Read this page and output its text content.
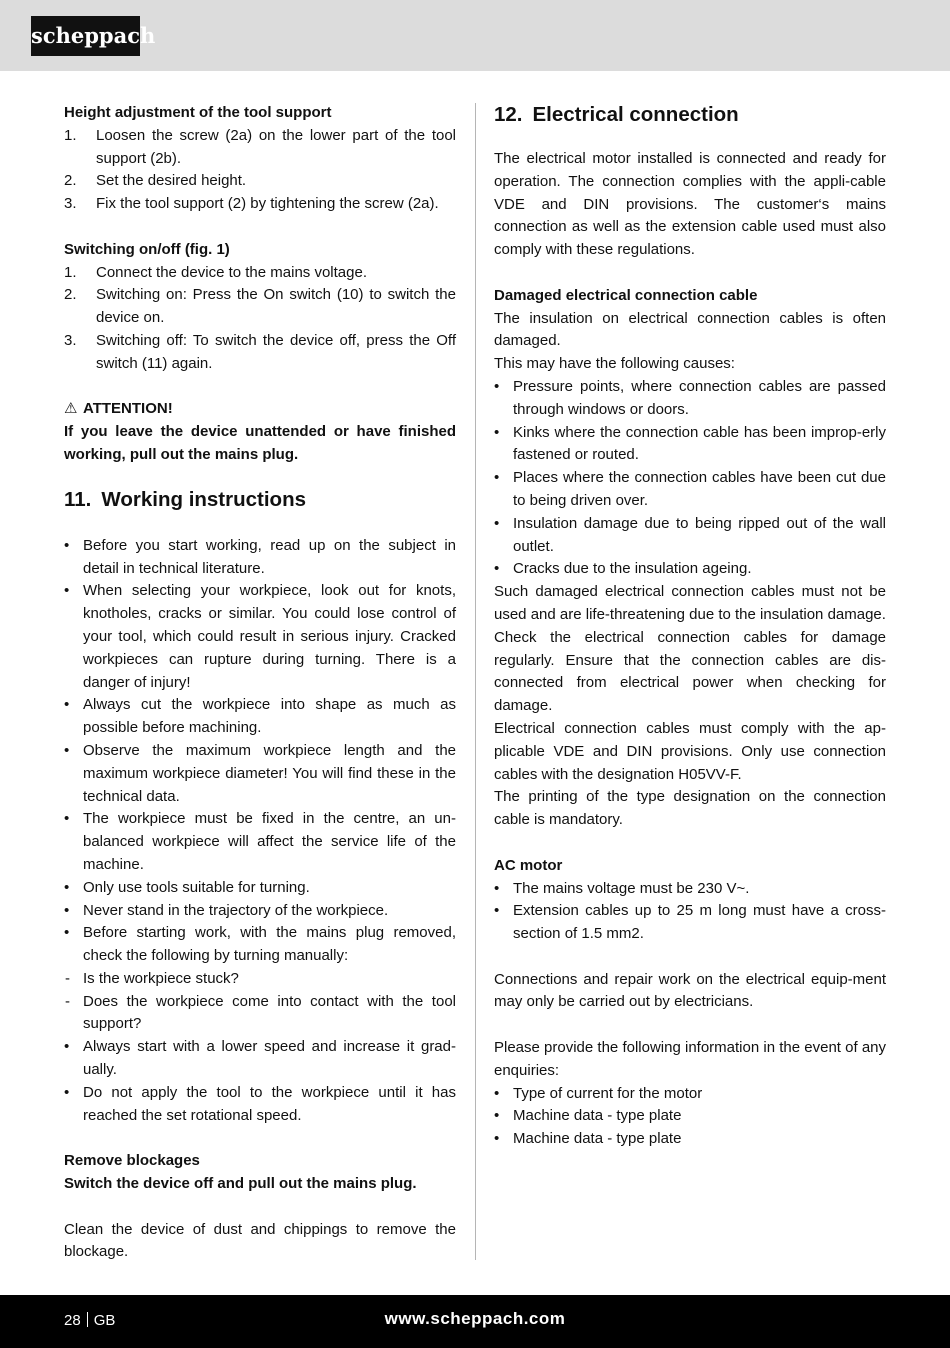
scheppach

Height adjustment of the tool support

1. Loosen the screw (2a) on the lower part of the tool support (2b).
2. Set the desired height.
3. Fix the tool support (2) by tightening the screw (2a).

Switching on/off (fig. 1)

1. Connect the device to the mains voltage.
2. Switching on: Press the On switch (10) to switch the device on.
3. Switching off: To switch the device off, press the Off switch (11) again.

⚠ ATTENTION!

If you leave the device unattended or have finished working, pull out the mains plug.

11. Working instructions
• Before you start working, read up on the subject in detail in technical literature.
• When selecting your workpiece, look out for knots, knotholes, cracks or similar. You could lose control of your tool, which could result in serious injury. Cracked workpieces can rupture during turning. There is a danger of injury!
• Always cut the workpiece into shape as much as possible before machining.
• Observe the maximum workpiece length and the maximum workpiece diameter! You will find these in the technical data.
• The workpiece must be fixed in the centre, an un-balanced workpiece will affect the service life of the machine.
• Only use tools suitable for turning.
• Never stand in the trajectory of the workpiece.
• Before starting work, with the mains plug removed, check the following by turning manually:
- Is the workpiece stuck?
- Does the workpiece come into contact with the tool support?
• Always start with a lower speed and increase it grad-ually.
• Do not apply the tool to the workpiece until it has reached the set rotational speed.

Remove blockages

Switch the device off and pull out the mains plug.

Clean the device of dust and chippings to remove the blockage.

12. Electrical connection

The electrical motor installed is connected and ready for operation. The connection complies with the appli-cable VDE and DIN provisions. The customer‘s mains connection as well as the extension cable used must also comply with these regulations.

Damaged electrical connection cable

The insulation on electrical connection cables is often damaged.

This may have the following causes:

• Pressure points, where connection cables are passed through windows or doors.
• Kinks where the connection cable has been improp-erly fastened or routed.
• Places where the connection cables have been cut due to being driven over.
• Insulation damage due to being ripped out of the wall outlet.
• Cracks due to the insulation ageing.

Such damaged electrical connection cables must not be used and are life-threatening due to the insulation damage.

Check the electrical connection cables for damage regularly. Ensure that the connection cables are dis-connected from electrical power when checking for damage.

Electrical connection cables must comply with the ap-plicable VDE and DIN provisions. Only use connection cables with the designation H05VV-F.

The printing of the type designation on the connection cable is mandatory.

AC motor

• The mains voltage must be 230 V~.
• Extension cables up to 25 m long must have a cross-section of 1.5 mm2.

Connections and repair work on the electrical equip-ment may only be carried out by electricians.

Please provide the following information in the event of any enquiries:

• Type of current for the motor
• Machine data - type plate
• Machine data - type plate
28 GB	www.scheppach.com
